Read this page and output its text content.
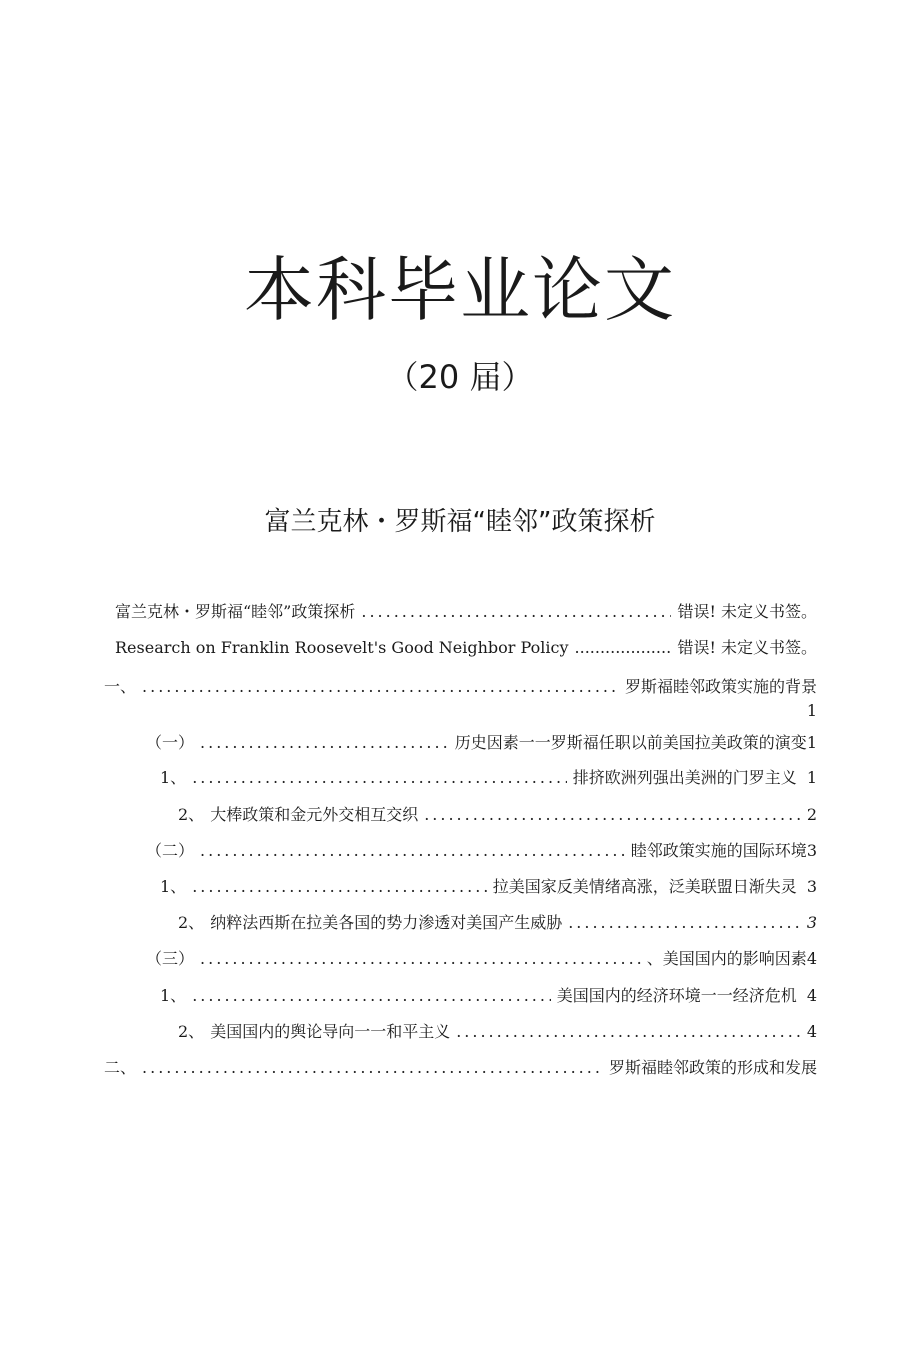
本科毕业论文
（20 届）
富兰克林・罗斯福“睦邻”政策探析
富兰克林・罗斯福“睦邻”政策探析 .....	错误! 未定义书签。
Research on Franklin Roosevelt's Good Neighbor Policy .....	错误! 未定义书签。
一、 .....	罗斯福睦邻政策实施的背景
1
（一） .....	历史因素一一罗斯福任职以前美国拉美政策的演变 1
1、 .....	排挤欧洲列强出美洲的门罗主义 1
2、 大棒政策和金元外交相互交织 .....	2
（二） .....	睦邻政策实施的国际环境 3
1、 .....	拉美国家反美情绪高涨，泛美联盟日渐失灵 3
2、 纳粹法西斯在拉美各国的势力渗透对美国产生威胁 .....	3
（三） .....	、美国国内的影响因素 4
1、 .....	美国国内的经济环境一一经济危机 4
2、 美国国内的舆论导向一一和平主义 .....	4
二、 .....	罗斯福睦邻政策的形成和发展
